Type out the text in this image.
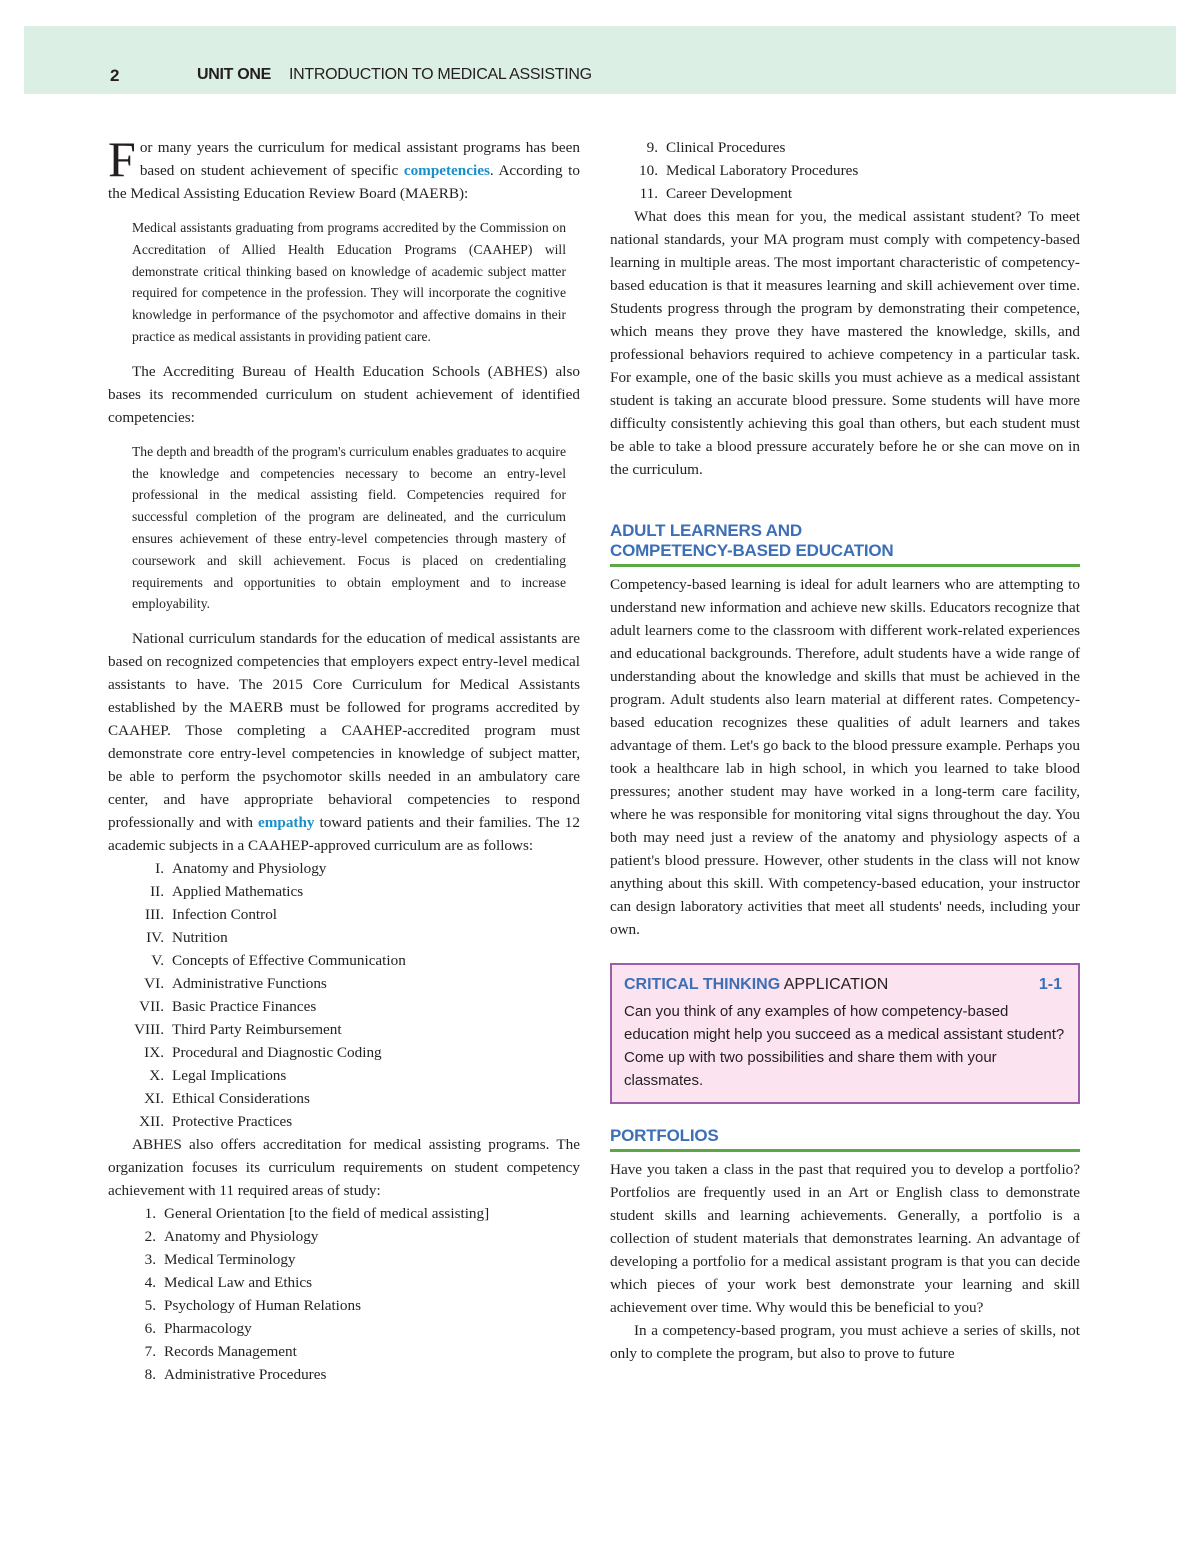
2	UNIT ONE INTRODUCTION TO MEDICAL ASSISTING

For many years the curriculum for medical assistant programs has been based on student achievement of specific competencies. According to the Medical Assisting Education Review Board (MAERB):

Medical assistants graduating from programs accredited by the Commission on Accreditation of Allied Health Education Programs (CAAHEP) will demonstrate critical thinking based on knowledge of academic subject matter required for competence in the profession. They will incorporate the cognitive knowledge in performance of the psychomotor and affective domains in their practice as medical assistants in providing patient care.

The Accrediting Bureau of Health Education Schools (ABHES) also bases its recommended curriculum on student achievement of identified competencies:

The depth and breadth of the program's curriculum enables graduates to acquire the knowledge and competencies necessary to become an entry-level professional in the medical assisting field. Competencies required for successful completion of the program are delineated, and the curriculum ensures achievement of these entry-level competencies through mastery of coursework and skill achievement. Focus is placed on credentialing requirements and opportunities to obtain employment and to increase employability.

National curriculum standards for the education of medical assistants are based on recognized competencies that employers expect entry-level medical assistants to have. The 2015 Core Curriculum for Medical Assistants established by the MAERB must be followed for programs accredited by CAAHEP. Those completing a CAAHEP-accredited program must demonstrate core entry-level competencies in knowledge of subject matter, be able to perform the psychomotor skills needed in an ambulatory care center, and have appropriate behavioral competencies to respond professionally and with empathy toward patients and their families. The 12 academic subjects in a CAAHEP-approved curriculum are as follows:

I. Anatomy and Physiology
II. Applied Mathematics
III. Infection Control
IV. Nutrition
V. Concepts of Effective Communication
VI. Administrative Functions
VII. Basic Practice Finances
VIII. Third Party Reimbursement
IX. Procedural and Diagnostic Coding
X. Legal Implications
XI. Ethical Considerations
XII. Protective Practices

ABHES also offers accreditation for medical assisting programs. The organization focuses its curriculum requirements on student competency achievement with 11 required areas of study:

1. General Orientation [to the field of medical assisting]
2. Anatomy and Physiology
3. Medical Terminology
4. Medical Law and Ethics
5. Psychology of Human Relations
6. Pharmacology
7. Records Management
8. Administrative Procedures
9. Clinical Procedures
10. Medical Laboratory Procedures
11. Career Development

What does this mean for you, the medical assistant student? To meet national standards, your MA program must comply with competency-based learning in multiple areas. The most important characteristic of competency-based education is that it measures learning and skill achievement over time. Students progress through the program by demonstrating their competence, which means they prove they have mastered the knowledge, skills, and professional behaviors required to achieve competency in a particular task. For example, one of the basic skills you must achieve as a medical assistant student is taking an accurate blood pressure. Some students will have more difficulty consistently achieving this goal than others, but each student must be able to take a blood pressure accurately before he or she can move on in the curriculum.

ADULT LEARNERS AND
COMPETENCY-BASED EDUCATION

Competency-based learning is ideal for adult learners who are attempting to understand new information and achieve new skills. Educators recognize that adult learners come to the classroom with different work-related experiences and educational backgrounds. Therefore, adult students have a wide range of understanding about the knowledge and skills that must be achieved in the program. Adult students also learn material at different rates. Competency-based education recognizes these qualities of adult learners and takes advantage of them. Let's go back to the blood pressure example. Perhaps you took a healthcare lab in high school, in which you learned to take blood pressures; another student may have worked in a long-term care facility, where he was responsible for monitoring vital signs throughout the day. You both may need just a review of the anatomy and physiology aspects of a patient's blood pressure. However, other students in the class will not know anything about this skill. With competency-based education, your instructor can design laboratory activities that meet all students' needs, including your own.

CRITICAL THINKING APPLICATION	1-1
Can you think of any examples of how competency-based education might help you succeed as a medical assistant student? Come up with two possibilities and share them with your classmates.
PORTFOLIOS

Have you taken a class in the past that required you to develop a portfolio? Portfolios are frequently used in an Art or English class to demonstrate student skills and learning achievements. Generally, a portfolio is a collection of student materials that demonstrates learning. An advantage of developing a portfolio for a medical assistant program is that you can decide which pieces of your work best demonstrate your learning and skill achievement over time. Why would this be beneficial to you?

In a competency-based program, you must achieve a series of skills, not only to complete the program, but also to prove to future
